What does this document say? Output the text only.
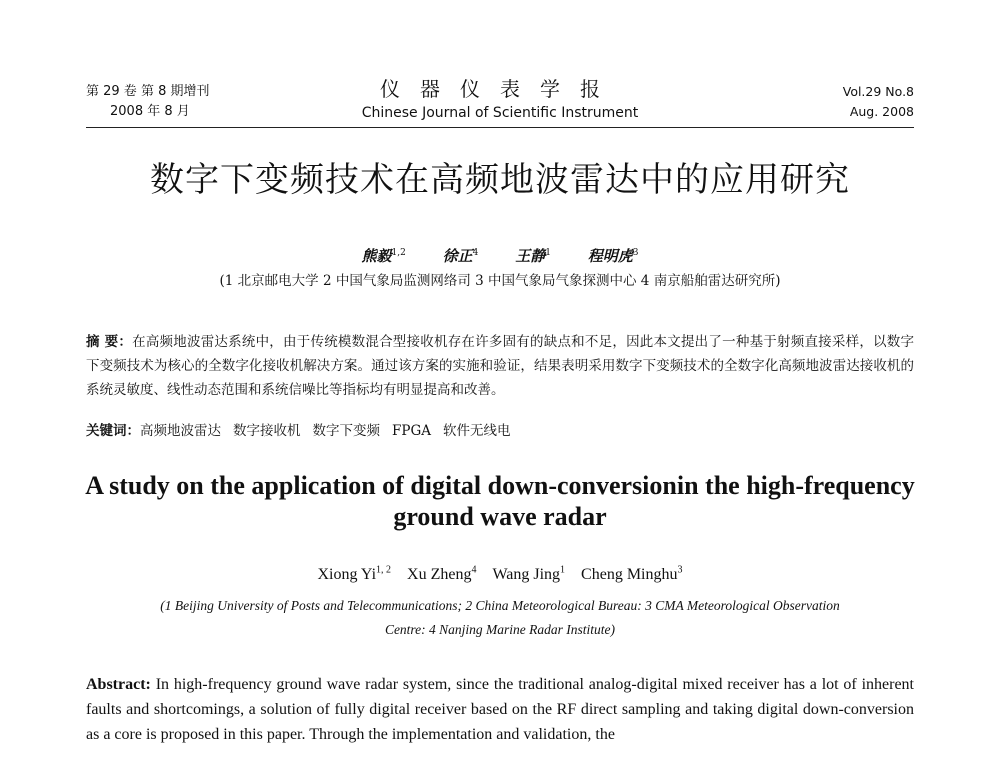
第 29 卷 第 8 期增刊
2008 年 8 月
仪器仪表学报
Chinese Journal of Scientific Instrument
Vol.29 No.8
Aug. 2008
数字下变频技术在高频地波雷达中的应用研究
熊毅$^{1,2}$ 徐正$^4$ 王静$^1$ 程明虎$^3$
(1 北京邮电大学 2 中国气象局监测网络司 3 中国气象局气象探测中心 4 南京船舶雷达研究所)
摘 要：在高频地波雷达系统中，由于传统模数混合型接收机存在许多固有的缺点和不足，因此本文提出了一种基于射频直接采样，以数字下变频技术为核心的全数字化接收机解决方案。通过该方案的实施和验证，结果表明采用数字下变频技术的全数字化高频地波雷达接收机的系统灵敏度、线性动态范围和系统信噪比等指标均有明显提高和改善。
关键词：高频地波雷达 数字接收机 数字下变频 FPGA 软件无线电
A study on the application of digital down-conversionin the high-frequency ground wave radar
Xiong Yi$^{1, 2}$ Xu Zheng$^4$ Wang Jing$^1$ Cheng Minghu$^3$
(1 Beijing University of Posts and Telecommunications; 2 China Meteorological Bureau: 3 CMA Meteorological Observation
Centre: 4 Nanjing Marine Radar Institute)
Abstract: In high-frequency ground wave radar system, since the traditional analog-digital mixed receiver has a lot of inherent faults and shortcomings, a solution of fully digital receiver based on the RF direct sampling and taking digital down-conversion as a core is proposed in this paper. Through the implementation and validation, the
